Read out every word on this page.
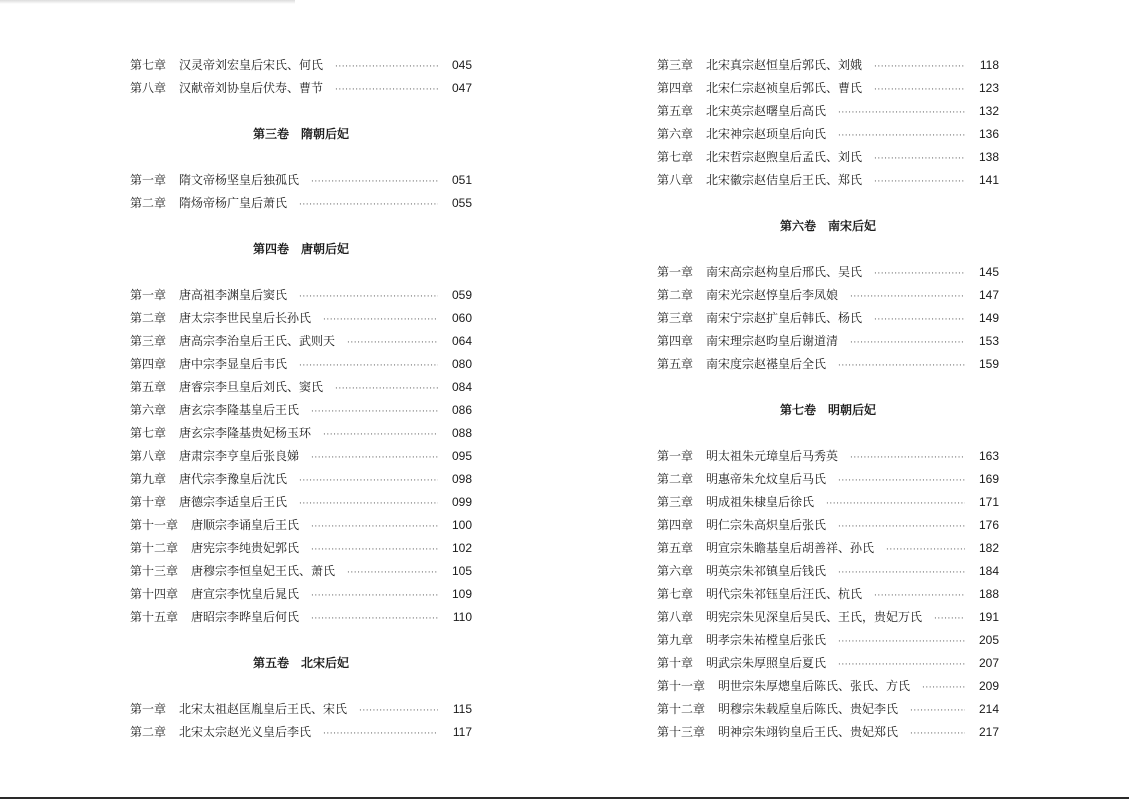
第七章 汉灵帝刘宏皇后宋氏、何氏 ·····	045
第八章 汉献帝刘协皇后伏寿、曹节 ·····	047
第三卷 隋朝后妃
第一章 隋文帝杨坚皇后独孤氏 ·····	051
第二章 隋炀帝杨广皇后萧氏 ·····	055
第四卷 唐朝后妃
第一章 唐高祖李渊皇后窦氏 ·····	059
第二章 唐太宗李世民皇后长孙氏 ·····	060
第三章 唐高宗李治皇后王氏、武则天 ·····	064
第四章 唐中宗李显皇后韦氏 ·····	080
第五章 唐睿宗李旦皇后刘氏、窦氏 ·····	084
第六章 唐玄宗李隆基皇后王氏 ·····	086
第七章 唐玄宗李隆基贵妃杨玉环 ·····	088
第八章 唐肃宗李亨皇后张良娣 ·····	095
第九章 唐代宗李豫皇后沈氏 ·····	098
第十章 唐德宗李适皇后王氏 ·····	099
第十一章 唐顺宗李诵皇后王氏 ·····	100
第十二章 唐宪宗李纯贵妃郭氏 ·····	102
第十三章 唐穆宗李恒皇妃王氏、萧氏 ·····	105
第十四章 唐宣宗李忱皇后晁氏 ·····	109
第十五章 唐昭宗李晔皇后何氏 ·····	110
第五卷 北宋后妃
第一章 北宋太祖赵匡胤皇后王氏、宋氏 ·····	115
第二章 北宋太宗赵光义皇后李氏 ·····	117
第三章 北宋真宗赵恒皇后郭氏、刘娥 ·····	118
第四章 北宋仁宗赵祯皇后郭氏、曹氏 ·····	123
第五章 北宋英宗赵曙皇后高氏 ·····	132
第六章 北宋神宗赵顼皇后向氏 ·····	136
第七章 北宋哲宗赵煦皇后孟氏、刘氏 ·····	138
第八章 北宋徽宗赵佶皇后王氏、郑氏 ·····	141
第六卷 南宋后妃
第一章 南宋高宗赵构皇后邢氏、吴氏 ·····	145
第二章 南宋光宗赵惇皇后李凤娘 ·····	147
第三章 南宋宁宗赵扩皇后韩氏、杨氏 ·····	149
第四章 南宋理宗赵昀皇后谢道清 ·····	153
第五章 南宋度宗赵禥皇后全氏 ·····	159
第七卷 明朝后妃
第一章 明太祖朱元璋皇后马秀英 ·····	163
第二章 明惠帝朱允炆皇后马氏 ·····	169
第三章 明成祖朱棣皇后徐氏 ·····	171
第四章 明仁宗朱高炽皇后张氏 ·····	176
第五章 明宣宗朱瞻基皇后胡善祥、孙氏 ·····	182
第六章 明英宗朱祁镇皇后钱氏 ·····	184
第七章 明代宗朱祁钰皇后汪氏、杭氏 ·····	188
第八章 明宪宗朱见深皇后吴氏、王氏，贵妃万氏 ·····	191
第九章 明孝宗朱祐樘皇后张氏 ·····	205
第十章 明武宗朱厚照皇后夏氏 ·····	207
第十一章 明世宗朱厚熜皇后陈氏、张氏、方氏 ·····	209
第十二章 明穆宗朱载垕皇后陈氏、贵妃李氏 ·····	214
第十三章 明神宗朱翊钧皇后王氏、贵妃郑氏 ·····	217
